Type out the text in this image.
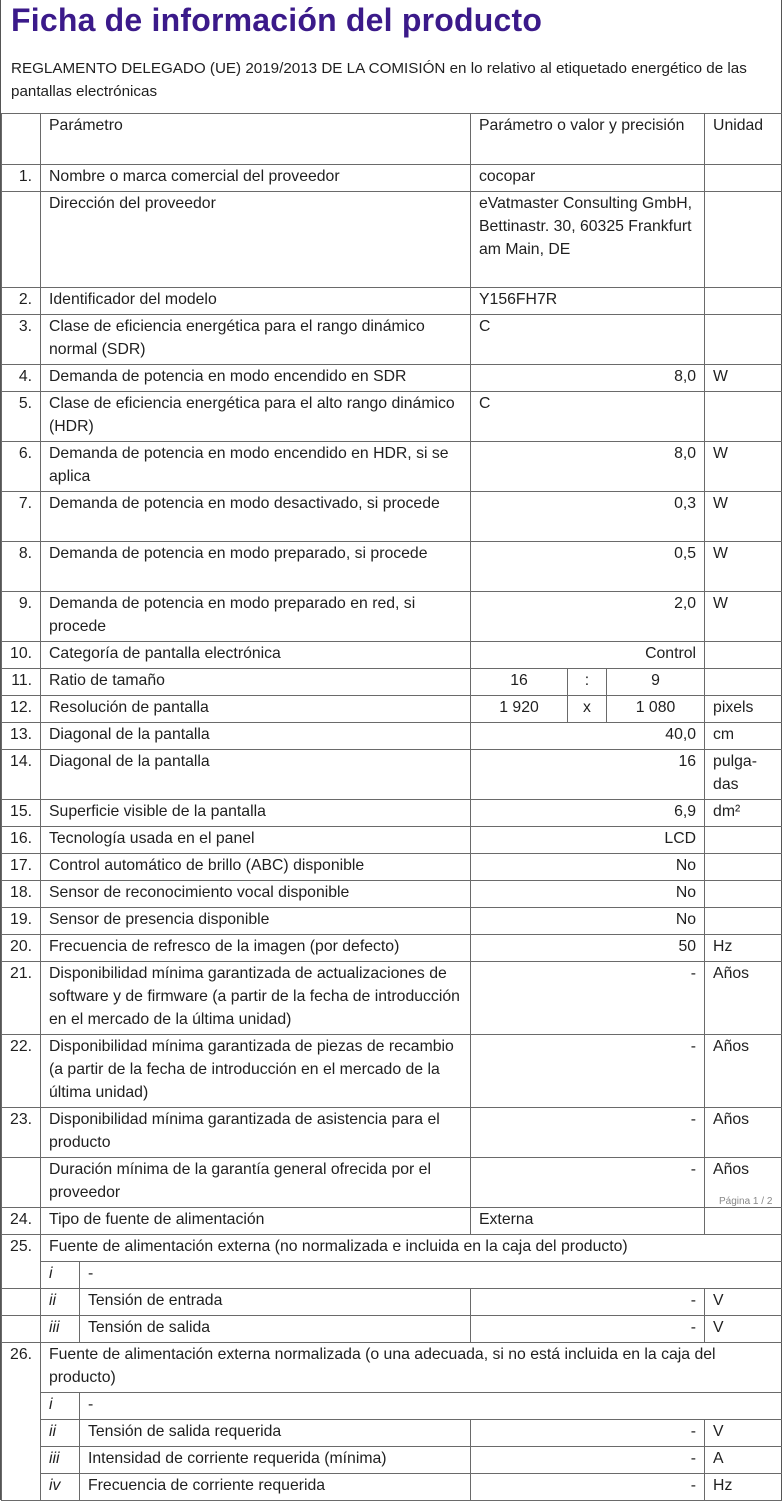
Ficha de información del producto

REGLAMENTO DELEGADO (UE) 2019/2013 DE LA COMISIÓN en lo relativo al etiquetado energético de las pantallas electrónicas

	Parámetro		Parámetro o valor y precisión			Unidad
1.	Nombre o marca comercial del proveedor		cocopar			
	Dirección del proveedor		eVatmaster Consulting GmbH, Bettinastr. 30, 60325 Frankfurt am Main, DE			
2.	Identificador del modelo		Y156FH7R			
3.	Clase de eficiencia energética para el rango dinámico normal (SDR)		C			
4.	Demanda de potencia en modo encendido en SDR		8,0			W
5.	Clase de eficiencia energética para el alto rango dinámico (HDR)		C			
6.	Demanda de potencia en modo encendido en HDR, si se aplica		8,0			W
7.	Demanda de potencia en modo desactivado, si procede		0,3			W
8.	Demanda de potencia en modo preparado, si procede		0,5			W
9.	Demanda de potencia en modo preparado en red, si procede		2,0			W
10.	Categoría de pantalla electrónica		Control			
11.	Ratio de tamaño		16	:	9	
12.	Resolución de pantalla		1 920	x	1 080	pixels
13.	Diagonal de la pantalla		40,0			cm
14.	Diagonal de la pantalla		16			pulgadas
15.	Superficie visible de la pantalla		6,9			dm²
16.	Tecnología usada en el panel		LCD			
17.	Control automático de brillo (ABC) disponible		No			
18.	Sensor de reconocimiento vocal disponible		No			
19.	Sensor de presencia disponible		No			
20.	Frecuencia de refresco de la imagen (por defecto)		50			Hz
21.	Disponibilidad mínima garantizada de actualizaciones de software y de firmware (a partir de la fecha de introducción en el mercado de la última unidad)		-			Años
22.	Disponibilidad mínima garantizada de piezas de recambio (a partir de la fecha de introducción en el mercado de la última unidad)		-			Años
23.	Disponibilidad mínima garantizada de asistencia para el producto		-			Años
	Duración mínima de la garantía general ofrecida por el proveedor		-			Años
24.	Tipo de fuente de alimentación		Externa			
25.	Fuente de alimentación externa (no normalizada e incluida en la caja del producto)					
	i	-				
	ii	Tensión de entrada	-			V
	iii	Tensión de salida	-			V
26.	Fuente de alimentación externa normalizada (o una adecuada, si no está incluida en la caja del producto)					
	i	-				
	ii	Tensión de salida requerida	-			V
	iii	Intensidad de corriente requerida (mínima)	-			A
	iv	Frecuencia de corriente requerida	-			Hz
Página 1 / 2
